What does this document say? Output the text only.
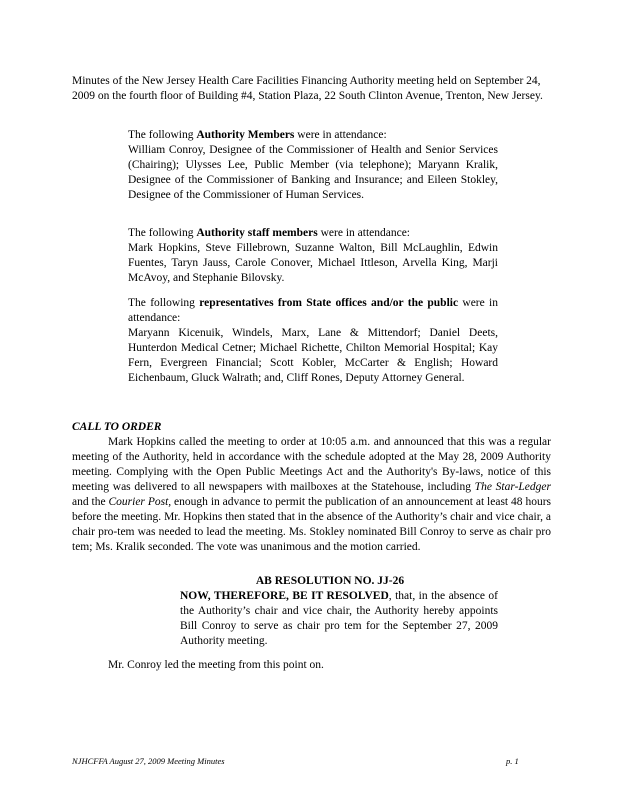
Minutes of the New Jersey Health Care Facilities Financing Authority meeting held on September 24, 2009 on the fourth floor of Building #4, Station Plaza, 22 South Clinton Avenue, Trenton, New Jersey.

The following Authority Members were in attendance:

William Conroy, Designee of the Commissioner of Health and Senior Services (Chairing); Ulysses Lee, Public Member (via telephone); Maryann Kralik, Designee of the Commissioner of Banking and Insurance; and Eileen Stokley, Designee of the Commissioner of Human Services.

The following Authority staff members were in attendance:

Mark Hopkins, Steve Fillebrown, Suzanne Walton, Bill McLaughlin, Edwin Fuentes, Taryn Jauss, Carole Conover, Michael Ittleson, Arvella King, Marji McAvoy, and Stephanie Bilovsky.

The following representatives from State offices and/or the public were in attendance:

Maryann Kicenuik, Windels, Marx, Lane & Mittendorf; Daniel Deets, Hunterdon Medical Cetner; Michael Richette, Chilton Memorial Hospital; Kay Fern, Evergreen Financial; Scott Kobler, McCarter & English; Howard Eichenbaum, Gluck Walrath; and, Cliff Rones, Deputy Attorney General.

CALL TO ORDER

Mark Hopkins called the meeting to order at 10:05 a.m. and announced that this was a regular meeting of the Authority, held in accordance with the schedule adopted at the May 28, 2009 Authority meeting. Complying with the Open Public Meetings Act and the Authority's By-laws, notice of this meeting was delivered to all newspapers with mailboxes at the Statehouse, including The Star-Ledger and the Courier Post, enough in advance to permit the publication of an announcement at least 48 hours before the meeting. Mr. Hopkins then stated that in the absence of the Authority’s chair and vice chair, a chair pro-tem was needed to lead the meeting. Ms. Stokley nominated Bill Conroy to serve as chair pro tem; Ms. Kralik seconded. The vote was unanimous and the motion carried.

AB RESOLUTION NO. JJ-26

NOW, THEREFORE, BE IT RESOLVED, that, in the absence of the Authority’s chair and vice chair, the Authority hereby appoints Bill Conroy to serve as chair pro tem for the September 27, 2009 Authority meeting.

Mr. Conroy led the meeting from this point on.

NJHCFFA August 27, 2009 Meeting Minutes	p. 1
